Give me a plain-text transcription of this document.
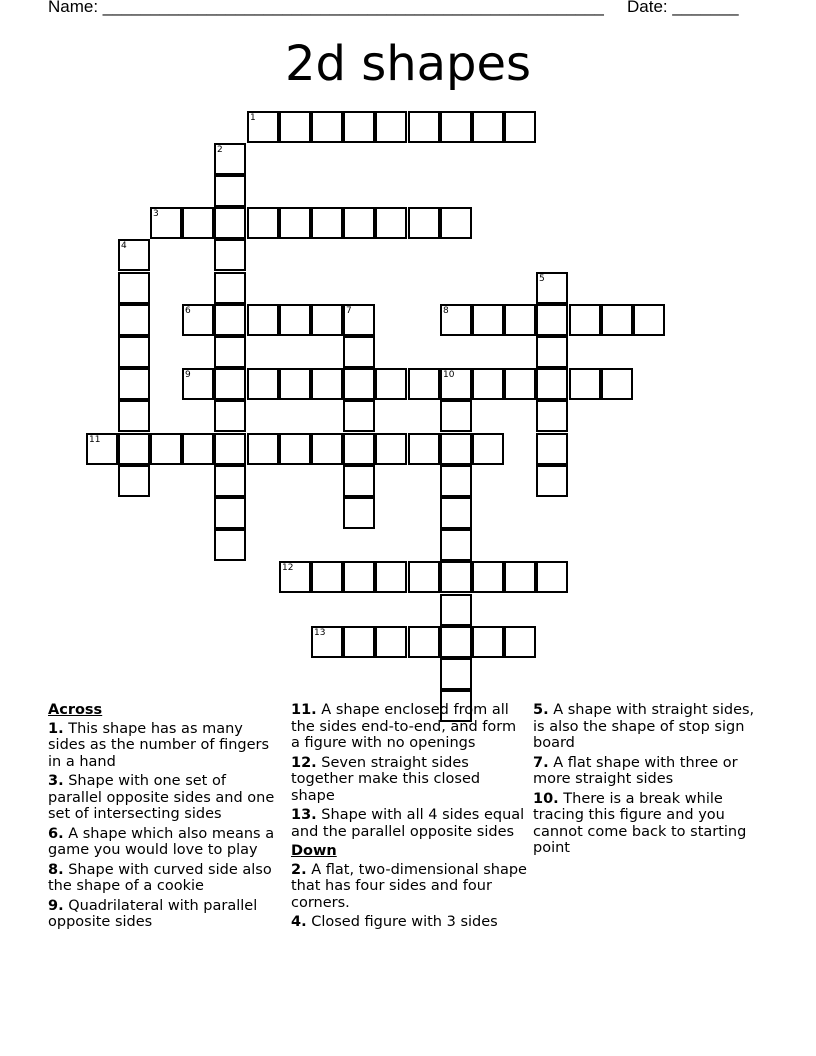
Name: _____________________________________________________ Date: _______
2d shapes
1
2
3
4
5
6	7	8
9	10
11
12
13
Across
1. This shape has as many sides as the number of fingers in a hand
3. Shape with one set of parallel opposite sides and one set of intersecting sides
6. A shape which also means a game you would love to play
8. Shape with curved side also the shape of a cookie
9. Quadrilateral with parallel opposite sides
11. A shape enclosed from all the sides end-to-end, and form a figure with no openings
12. Seven straight sides together make this closed shape
13. Shape with all 4 sides equal and the parallel opposite sides
Down
2. A flat, two-dimensional shape that has four sides and four corners.
4. Closed figure with 3 sides
5. A shape with straight sides, is also the shape of stop sign board
7. A flat shape with three or more straight sides
10. There is a break while tracing this figure and you cannot come back to starting point
